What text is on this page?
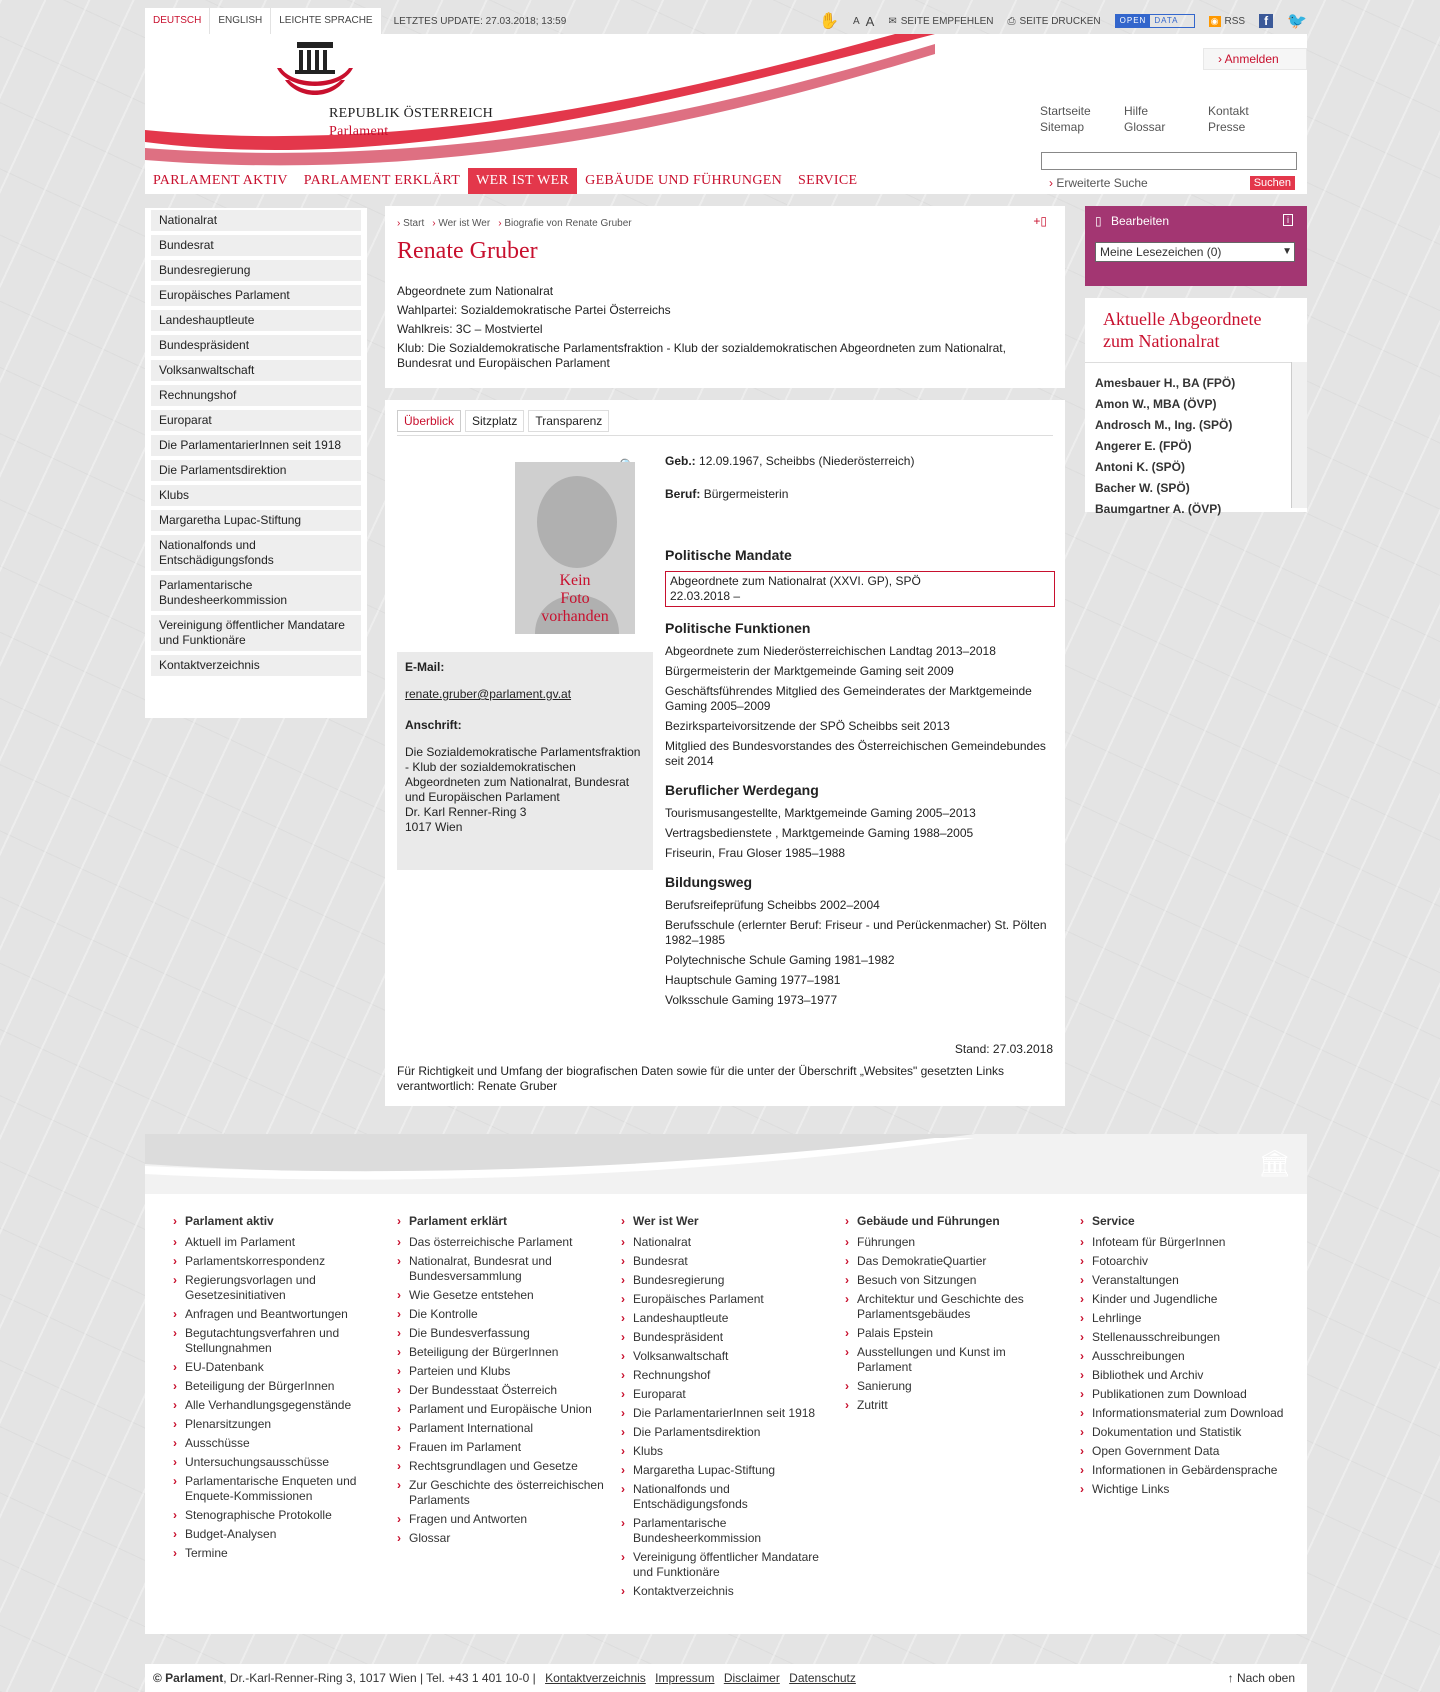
DEUTSCH	ENGLISH	LEICHTE SPRACHE	LETZTES UPDATE: 27.03.2018; 13:59	✋ A A ✉ SEITE EMPFEHLEN ⎙ SEITE DRUCKEN	OPEN	DATA	◉ RSS	f	🐦
REPUBLIK ÖSTERREICH
Parlament
› Anmelden
Startseite	Hilfe	Kontakt
Sitemap	Glossar	Presse
› Erweiterte Suche	Suchen
PARLAMENT AKTIV	PARLAMENT ERKLÄRT	WER IST WER	GEBÄUDE UND FÜHRUNGEN	SERVICE
Nationalrat
Bundesrat
Bundesregierung
Europäisches Parlament
Landeshauptleute
Bundespräsident
Volksanwaltschaft
Rechnungshof
Europarat
Die ParlamentarierInnen seit 1918
Die Parlamentsdirektion
Klubs
Margaretha Lupac-Stiftung
Nationalfonds und Entschädigungsfonds
Parlamentarische Bundesheerkommission
Vereinigung öffentlicher Mandatare und Funktionäre
Kontaktverzeichnis
› Start	› Wer ist Wer	› Biografie von Renate Gruber	+▯
Renate Gruber
Abgeordnete zum Nationalrat
Wahlpartei: Sozialdemokratische Partei Österreichs
Wahlkreis: 3C – Mostviertel
Klub: Die Sozialdemokratische Parlamentsfraktion - Klub der sozialdemokratischen Abgeordneten zum Nationalrat, Bundesrat und Europäischen Parlament
Überblick	Sitzplatz	Transparenz
Kein
Foto
vorhanden
E-Mail:
renate.gruber@parlament.gv.at
Anschrift:
Die Sozialdemokratische Parlamentsfraktion - Klub der sozialdemokratischen Abgeordneten zum Nationalrat, Bundesrat und Europäischen Parlament
Dr. Karl Renner-Ring 3
1017 Wien

Geb.: 12.09.1967, Scheibbs (Niederösterreich)

Beruf: Bürgermeisterin

Politische Mandate
Abgeordnete zum Nationalrat (XXVI. GP), SPÖ
22.03.2018 –
Politische Funktionen

Abgeordnete zum Niederösterreichischen Landtag 2013–2018

Bürgermeisterin der Marktgemeinde Gaming seit 2009

Geschäftsführendes Mitglied des Gemeinderates der Marktgemeinde Gaming 2005–2009

Bezirksparteivorsitzende der SPÖ Scheibbs seit 2013

Mitglied des Bundesvorstandes des Österreichischen Gemeindebundes seit 2014

Beruflicher Werdegang

Tourismusangestellte, Marktgemeinde Gaming 2005–2013

Vertragsbedienstete , Marktgemeinde Gaming 1988–2005

Friseurin, Frau Gloser 1985–1988

Bildungsweg

Berufsreifeprüfung Scheibbs 2002–2004

Berufsschule (erlernter Beruf: Friseur - und Perückenmacher) St. Pölten 1982–1985

Polytechnische Schule Gaming 1981–1982

Hauptschule Gaming 1977–1981

Volksschule Gaming 1973–1977

Stand: 27.03.2018
Für Richtigkeit und Umfang der biografischen Daten sowie für die unter der Überschrift „Websites" gesetzten Links verantwortlich: Renate Gruber
▯ Bearbeiten	i
Meine Lesezeichen (0)	▼
Aktuelle Abgeordnete zum Nationalrat
Amesbauer H., BA (FPÖ)
Amon W., MBA (ÖVP)
Androsch M., Ing. (SPÖ)
Angerer E. (FPÖ)
Antoni K. (SPÖ)
Bacher W. (SPÖ)
Baumgartner A. (ÖVP)
🏛
› Parlament aktiv
› Aktuell im Parlament
› Parlamentskorrespondenz
› Regierungsvorlagen und Gesetzesinitiativen
› Anfragen und Beantwortungen
› Begutachtungsverfahren und Stellungnahmen
› EU-Datenbank
› Beteiligung der BürgerInnen
› Alle Verhandlungsgegenstände
› Plenarsitzungen
› Ausschüsse
› Untersuchungsausschüsse
› Parlamentarische Enqueten und Enquete-Kommissionen
› Stenographische Protokolle
› Budget-Analysen
› Termine
› Parlament erklärt
› Das österreichische Parlament
› Nationalrat, Bundesrat und Bundesversammlung
› Wie Gesetze entstehen
› Die Kontrolle
› Die Bundesverfassung
› Beteiligung der BürgerInnen
› Parteien und Klubs
› Der Bundesstaat Österreich
› Parlament und Europäische Union
› Parlament International
› Frauen im Parlament
› Rechtsgrundlagen und Gesetze
› Zur Geschichte des österreichischen Parlaments
› Fragen und Antworten
› Glossar
› Wer ist Wer
› Nationalrat
› Bundesrat
› Bundesregierung
› Europäisches Parlament
› Landeshauptleute
› Bundespräsident
› Volksanwaltschaft
› Rechnungshof
› Europarat
› Die ParlamentarierInnen seit 1918
› Die Parlamentsdirektion
› Klubs
› Margaretha Lupac-Stiftung
› Nationalfonds und Entschädigungsfonds
› Parlamentarische Bundesheerkommission
› Vereinigung öffentlicher Mandatare und Funktionäre
› Kontaktverzeichnis
› Gebäude und Führungen
› Führungen
› Das DemokratieQuartier
› Besuch von Sitzungen
› Architektur und Geschichte des Parlamentsgebäudes
› Palais Epstein
› Ausstellungen und Kunst im Parlament
› Sanierung
› Zutritt
› Service
› Infoteam für BürgerInnen
› Fotoarchiv
› Veranstaltungen
› Kinder und Jugendliche
› Lehrlinge
› Stellenausschreibungen
› Ausschreibungen
› Bibliothek und Archiv
› Publikationen zum Download
› Informationsmaterial zum Download
› Dokumentation und Statistik
› Open Government Data
› Informationen in Gebärdensprache
› Wichtige Links
© Parlament, Dr.-Karl-Renner-Ring 3, 1017 Wien | Tel. +43 1 401 10-0 | Kontaktverzeichnis Impressum Disclaimer Datenschutz	↑ Nach oben
